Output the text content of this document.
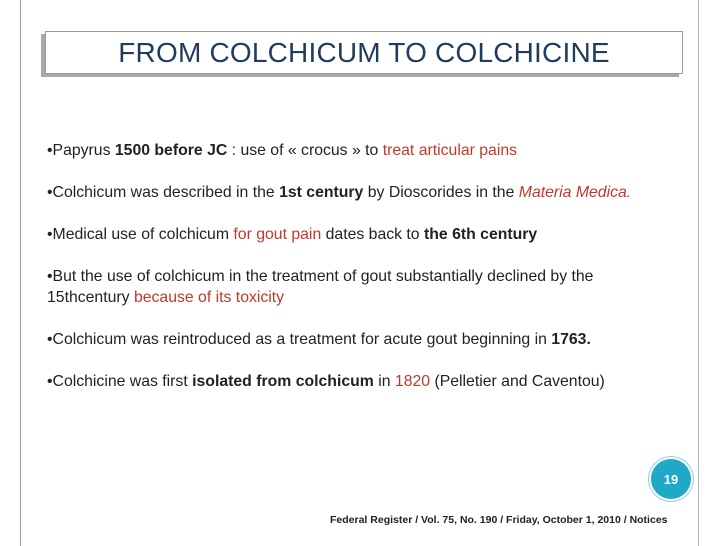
FROM COLCHICUM TO COLCHICINE

•Papyrus 1500 before JC : use of « crocus » to treat articular pains

•Colchicum was described in the 1st century by Dioscorides in the Materia Medica.

•Medical use of colchicum for gout pain dates back to the 6th century

•But the use of colchicum in the treatment of gout substantially declined by the 15thcentury because of its toxicity

•Colchicum was reintroduced as a treatment for acute gout beginning in 1763.

•Colchicine was first isolated from colchicum in 1820 (Pelletier and Caventou)

19
Federal Register / Vol. 75, No. 190 / Friday, October 1, 2010 / Notices
